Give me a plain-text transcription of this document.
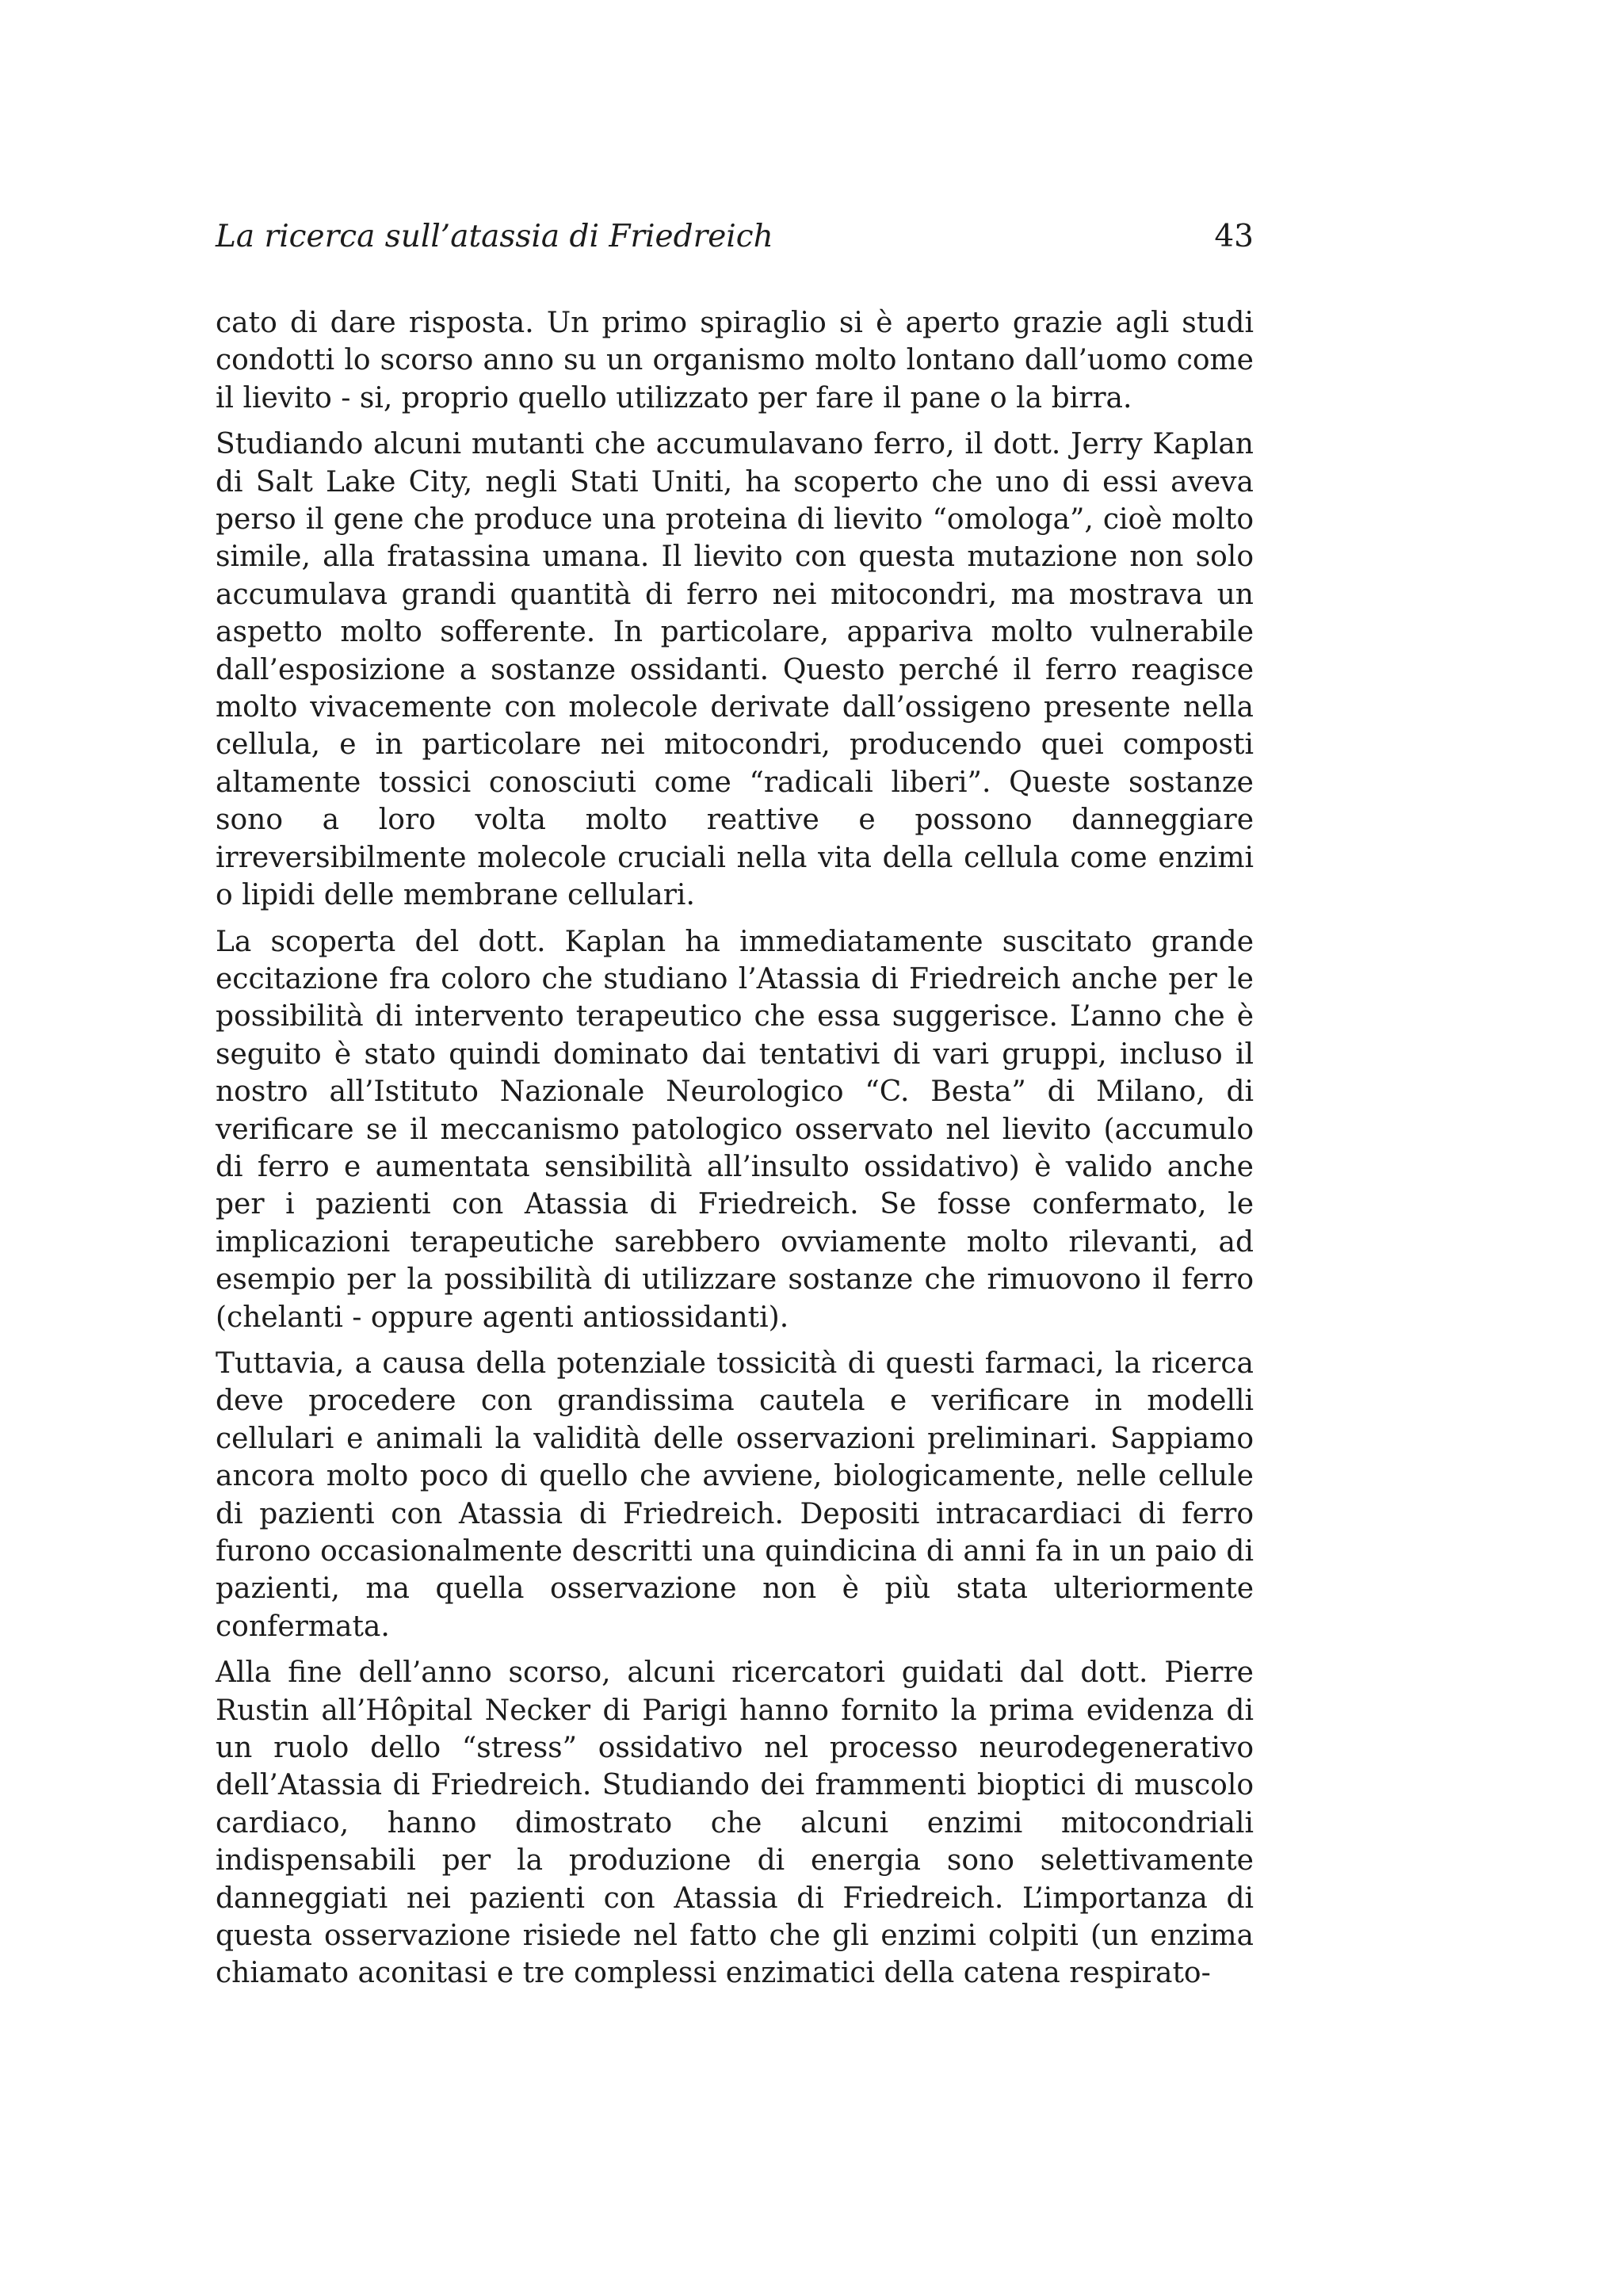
La ricerca sull’atassia di Friedreich	43

cato di dare risposta. Un primo spiraglio si è aperto grazie agli studi condotti lo scorso anno su un organismo molto lontano dall’uomo come il lievito - si, proprio quello utilizzato per fare il pane o la birra.

Studiando alcuni mutanti che accumulavano ferro, il dott. Jerry Kaplan di Salt Lake City, negli Stati Uniti, ha scoperto che uno di essi aveva perso il gene che produce una proteina di lievito “omologa”, cioè molto simile, alla fratassina umana. Il lievito con questa mutazione non solo accumulava grandi quantità di ferro nei mitocondri, ma mostrava un aspetto molto sofferente. In particolare, appariva molto vulnerabile dall’esposizione a sostanze ossidanti. Questo perché il ferro reagisce molto vivacemente con molecole derivate dall’ossigeno presente nella cellula, e in particolare nei mitocondri, producendo quei composti altamente tossici conosciuti come “radicali liberi”. Queste sostanze sono a loro volta molto reattive e possono danneggiare irreversibilmente molecole cruciali nella vita della cellula come enzimi o lipidi delle membrane cellulari.

La scoperta del dott. Kaplan ha immediatamente suscitato grande eccitazione fra coloro che studiano l’Atassia di Friedreich anche per le possibilità di intervento terapeutico che essa suggerisce. L’anno che è seguito è stato quindi dominato dai tentativi di vari gruppi, incluso il nostro all’Istituto Nazionale Neurologico “C. Besta” di Milano, di verificare se il meccanismo patologico osservato nel lievito (accumulo di ferro e aumentata sensibilità all’insulto ossidativo) è valido anche per i pazienti con Atassia di Friedreich. Se fosse confermato, le implicazioni terapeutiche sarebbero ovviamente molto rilevanti, ad esempio per la possibilità di utilizzare sostanze che rimuovono il ferro (chelanti - oppure agenti antiossidanti).

Tuttavia, a causa della potenziale tossicità di questi farmaci, la ricerca deve procedere con grandissima cautela e verificare in modelli cellulari e animali la validità delle osservazioni preliminari. Sappiamo ancora molto poco di quello che avviene, biologicamente, nelle cellule di pazienti con Atassia di Friedreich. Depositi intracardiaci di ferro furono occasionalmente descritti una quindicina di anni fa in un paio di pazienti, ma quella osservazione non è più stata ulteriormente confermata.

Alla fine dell’anno scorso, alcuni ricercatori guidati dal dott. Pierre Rustin all’Hôpital Necker di Parigi hanno fornito la prima evidenza di un ruolo dello “stress” ossidativo nel processo neurodegenerativo dell’Atassia di Friedreich. Studiando dei frammenti bioptici di muscolo cardiaco, hanno dimostrato che alcuni enzimi mitocondriali indispensabili per la produzione di energia sono selettivamente danneggiati nei pazienti con Atassia di Friedreich. L’importanza di questa osservazione risiede nel fatto che gli enzimi colpiti (un enzima chiamato aconitasi e tre complessi enzimatici della catena respirato-
